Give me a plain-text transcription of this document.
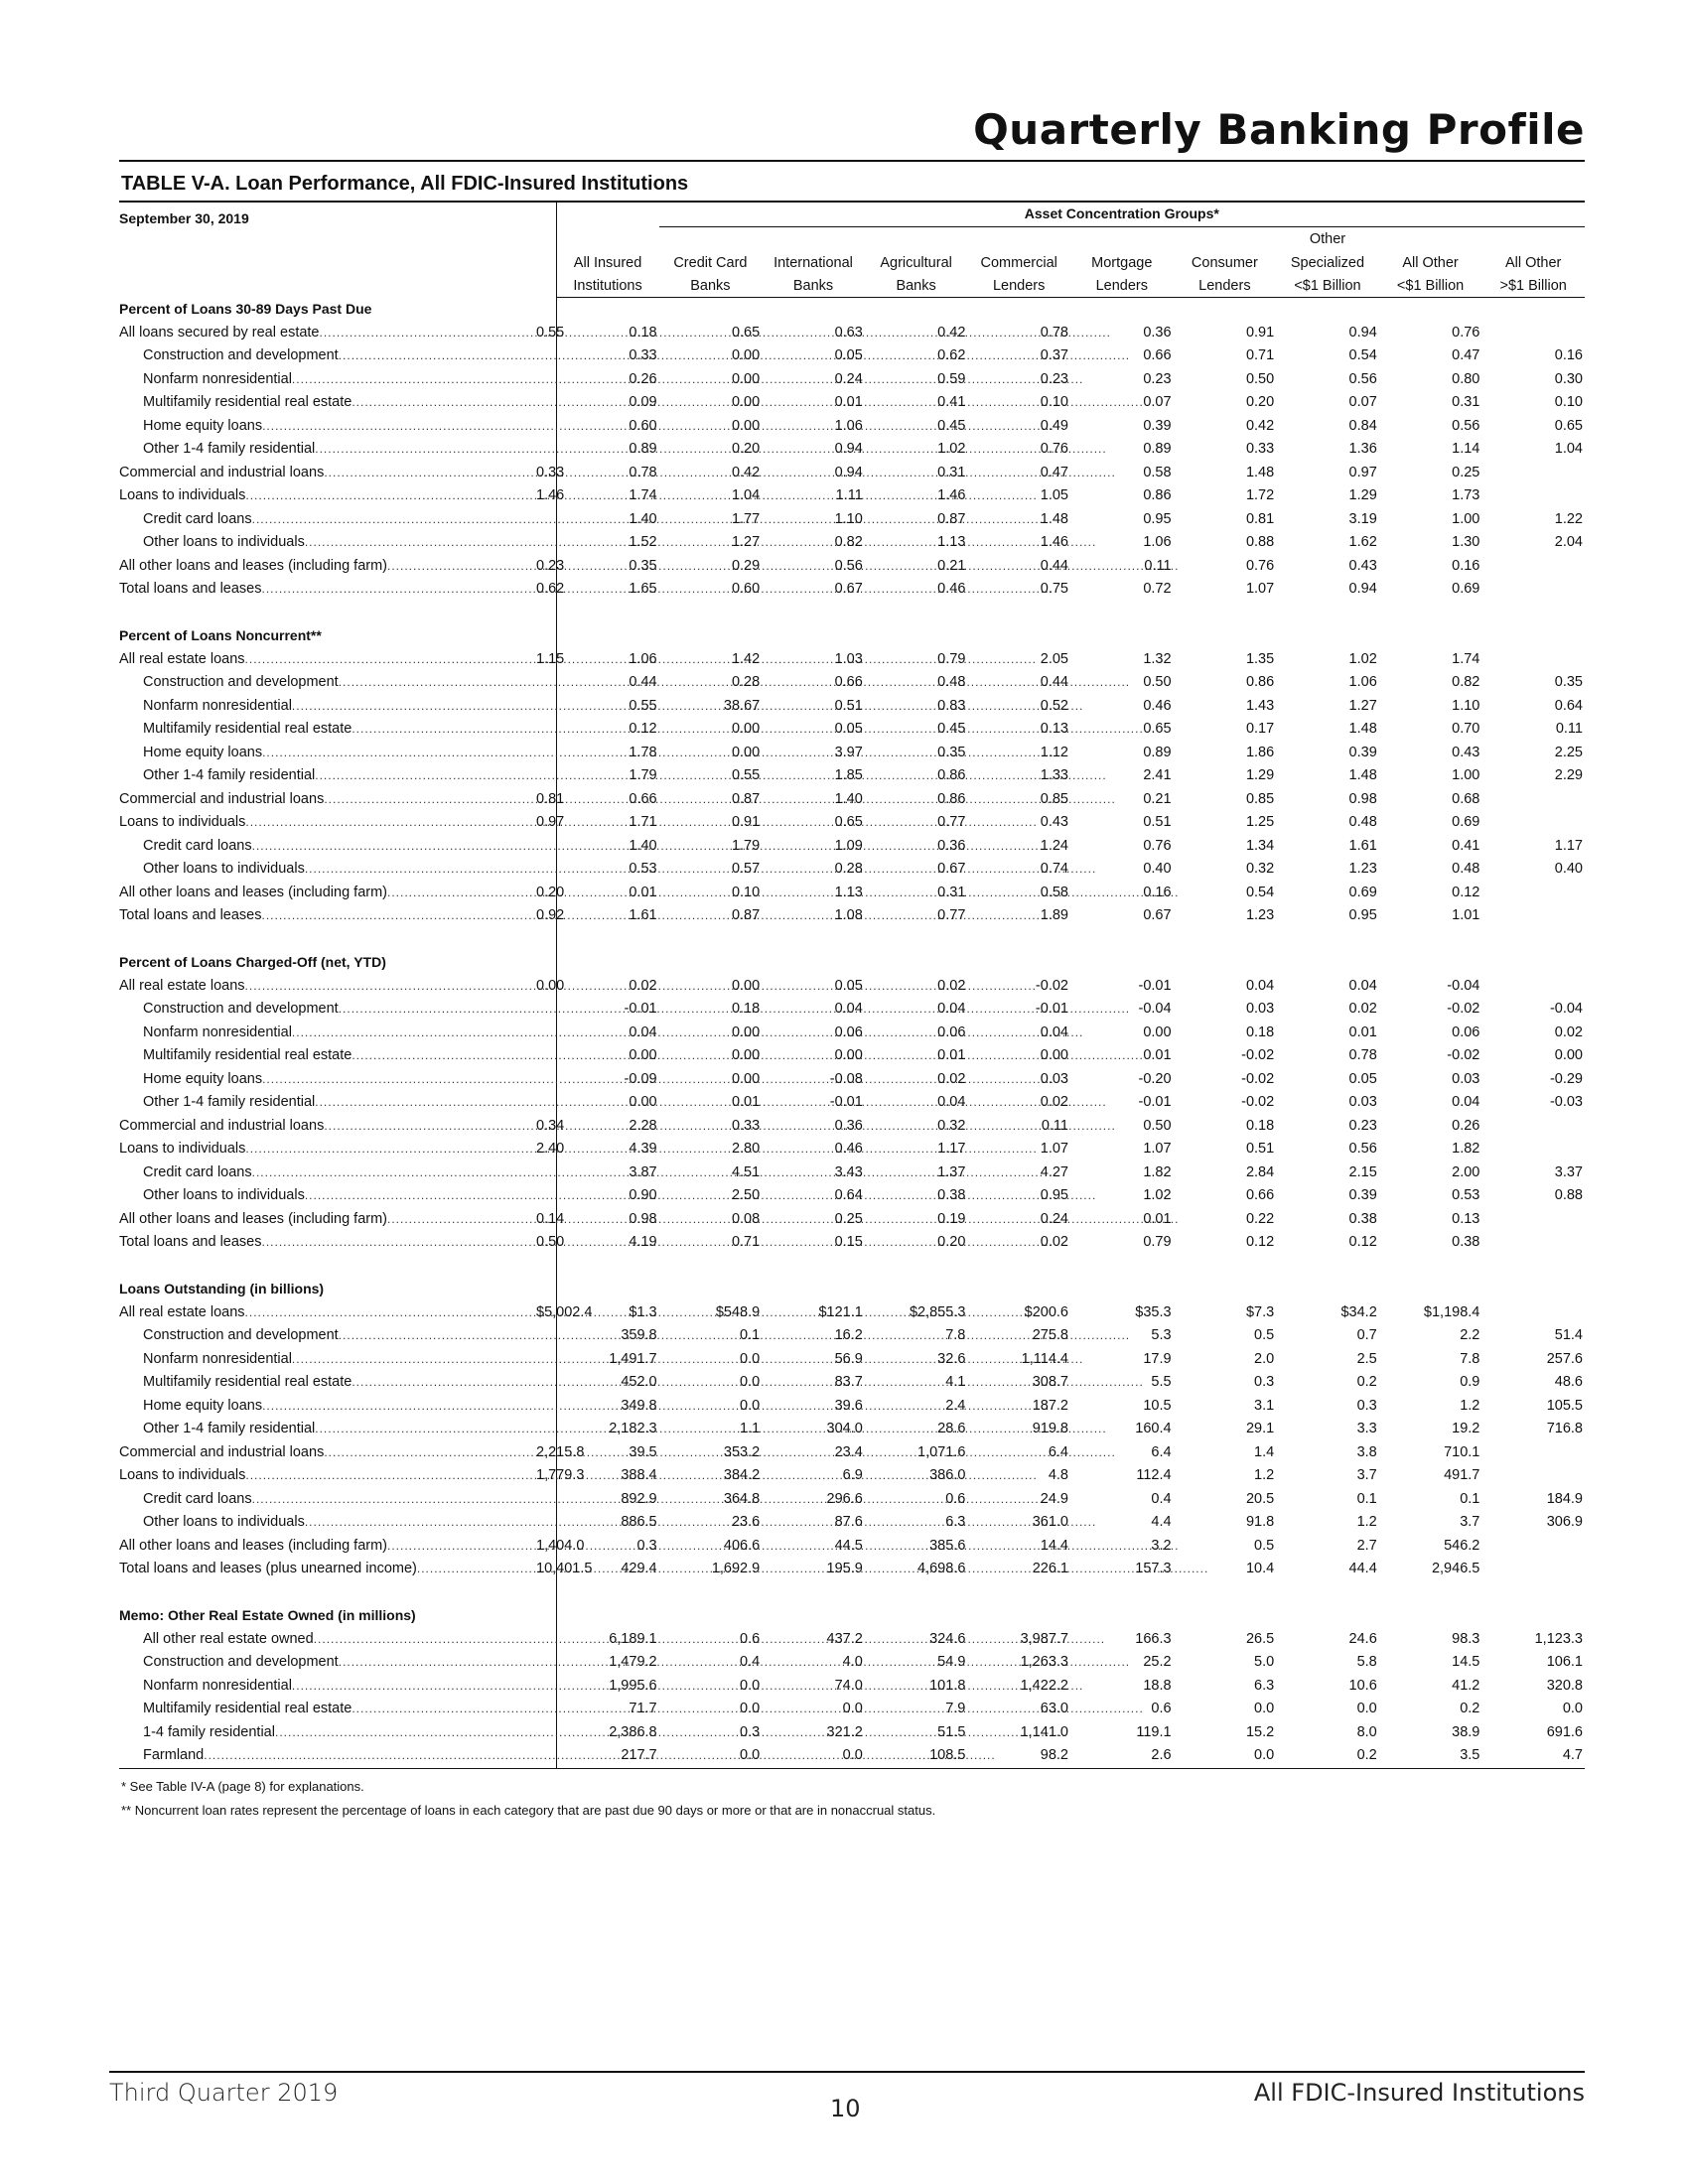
Quarterly Banking Profile
TABLE V-A. Loan Performance, All FDIC-Insured Institutions
September 30, 2019			Asset Concentration Groups*								
									Other		
		All Insured	Credit Card	International	Agricultural	Commercial	Mortgage	Consumer	Specialized	All Other	All Other
		Institutions	Banks	Banks	Banks	Lenders	Lenders	Lenders	<$1 Billion	<$1 Billion	>$1 Billion
Percent of Loans 30-89 Days Past Due											

All loans secured by real estate
.....	0.55	0.18	0.65	0.63	0.42	0.78	0.36	0.91	0.94	0.76	

Construction and development
.....		0.33	0.00	0.05	0.62	0.37	0.66	0.71	0.54	0.47	0.16

Nonfarm nonresidential
.....		0.26	0.00	0.24	0.59	0.23	0.23	0.50	0.56	0.80	0.30

Multifamily residential real estate
.....		0.09	0.00	0.01	0.41	0.10	0.07	0.20	0.07	0.31	0.10

Home equity loans
.....		0.60	0.00	1.06	0.45	0.49	0.39	0.42	0.84	0.56	0.65

Other 1-4 family residential
.....		0.89	0.20	0.94	1.02	0.76	0.89	0.33	1.36	1.14	1.04

Commercial and industrial loans
.....	0.33	0.78	0.42	0.94	0.31	0.47	0.58	1.48	0.97	0.25	

Loans to individuals
.....	1.46	1.74	1.04	1.11	1.46	1.05	0.86	1.72	1.29	1.73	

Credit card loans
.....		1.40	1.77	1.10	0.87	1.48	0.95	0.81	3.19	1.00	1.22

Other loans to individuals
.....		1.52	1.27	0.82	1.13	1.46	1.06	0.88	1.62	1.30	2.04

All other loans and leases (including farm)
.....	0.23	0.35	0.29	0.56	0.21	0.44	0.11	0.76	0.43	0.16	

Total loans and leases
.....	0.62	1.65	0.60	0.67	0.46	0.75	0.72	1.07	0.94	0.69	

Percent of Loans Noncurrent**											

All real estate loans
.....	1.15	1.06	1.42	1.03	0.79	2.05	1.32	1.35	1.02	1.74	

Construction and development
.....		0.44	0.28	0.66	0.48	0.44	0.50	0.86	1.06	0.82	0.35

Nonfarm nonresidential
.....		0.55	38.67	0.51	0.83	0.52	0.46	1.43	1.27	1.10	0.64

Multifamily residential real estate
.....		0.12	0.00	0.05	0.45	0.13	0.65	0.17	1.48	0.70	0.11

Home equity loans
.....		1.78	0.00	3.97	0.35	1.12	0.89	1.86	0.39	0.43	2.25

Other 1-4 family residential
.....		1.79	0.55	1.85	0.86	1.33	2.41	1.29	1.48	1.00	2.29

Commercial and industrial loans
.....	0.81	0.66	0.87	1.40	0.86	0.85	0.21	0.85	0.98	0.68	

Loans to individuals
.....	0.97	1.71	0.91	0.65	0.77	0.43	0.51	1.25	0.48	0.69	

Credit card loans
.....		1.40	1.79	1.09	0.36	1.24	0.76	1.34	1.61	0.41	1.17

Other loans to individuals
.....		0.53	0.57	0.28	0.67	0.74	0.40	0.32	1.23	0.48	0.40

All other loans and leases (including farm)
.....	0.20	0.01	0.10	1.13	0.31	0.58	0.16	0.54	0.69	0.12	

Total loans and leases
.....	0.92	1.61	0.87	1.08	0.77	1.89	0.67	1.23	0.95	1.01	

Percent of Loans Charged-Off (net, YTD)											

All real estate loans
.....	0.00	0.02	0.00	0.05	0.02	-0.02	-0.01	0.04	0.04	-0.04	

Construction and development
.....		-0.01	0.18	0.04	0.04	-0.01	-0.04	0.03	0.02	-0.02	-0.04

Nonfarm nonresidential
.....		0.04	0.00	0.06	0.06	0.04	0.00	0.18	0.01	0.06	0.02

Multifamily residential real estate
.....		0.00	0.00	0.00	0.01	0.00	0.01	-0.02	0.78	-0.02	0.00

Home equity loans
.....		-0.09	0.00	-0.08	0.02	0.03	-0.20	-0.02	0.05	0.03	-0.29

Other 1-4 family residential
.....		0.00	0.01	-0.01	0.04	0.02	-0.01	-0.02	0.03	0.04	-0.03

Commercial and industrial loans
.....	0.34	2.28	0.33	0.36	0.32	0.11	0.50	0.18	0.23	0.26	

Loans to individuals
.....	2.40	4.39	2.80	0.46	1.17	1.07	1.07	0.51	0.56	1.82	

Credit card loans
.....		3.87	4.51	3.43	1.37	4.27	1.82	2.84	2.15	2.00	3.37

Other loans to individuals
.....		0.90	2.50	0.64	0.38	0.95	1.02	0.66	0.39	0.53	0.88

All other loans and leases (including farm)
.....	0.14	0.98	0.08	0.25	0.19	0.24	0.01	0.22	0.38	0.13	

Total loans and leases
.....	0.50	4.19	0.71	0.15	0.20	0.02	0.79	0.12	0.12	0.38	

Loans Outstanding (in billions)											

All real estate loans
.....	$5,002.4	$1.3	$548.9	$121.1	$2,855.3	$200.6	$35.3	$7.3	$34.2	$1,198.4	

Construction and development
.....		359.8	0.1	16.2	7.8	275.8	5.3	0.5	0.7	2.2	51.4

Nonfarm nonresidential
.....		1,491.7	0.0	56.9	32.6	1,114.4	17.9	2.0	2.5	7.8	257.6

Multifamily residential real estate
.....		452.0	0.0	83.7	4.1	308.7	5.5	0.3	0.2	0.9	48.6

Home equity loans
.....		349.8	0.0	39.6	2.4	187.2	10.5	3.1	0.3	1.2	105.5

Other 1-4 family residential
.....		2,182.3	1.1	304.0	28.6	919.8	160.4	29.1	3.3	19.2	716.8

Commercial and industrial loans
.....	2,215.8	39.5	353.2	23.4	1,071.6	6.4	6.4	1.4	3.8	710.1	

Loans to individuals
.....	1,779.3	388.4	384.2	6.9	386.0	4.8	112.4	1.2	3.7	491.7	

Credit card loans
.....		892.9	364.8	296.6	0.6	24.9	0.4	20.5	0.1	0.1	184.9

Other loans to individuals
.....		886.5	23.6	87.6	6.3	361.0	4.4	91.8	1.2	3.7	306.9

All other loans and leases (including farm)
.....	1,404.0	0.3	406.6	44.5	385.6	14.4	3.2	0.5	2.7	546.2	

Total loans and leases (plus unearned income)
.....	10,401.5	429.4	1,692.9	195.9	4,698.6	226.1	157.3	10.4	44.4	2,946.5	

Memo: Other Real Estate Owned (in millions)											

All other real estate owned
.....		6,189.1	0.6	437.2	324.6	3,987.7	166.3	26.5	24.6	98.3	1,123.3

Construction and development
.....		1,479.2	0.4	4.0	54.9	1,263.3	25.2	5.0	5.8	14.5	106.1

Nonfarm nonresidential
.....		1,995.6	0.0	74.0	101.8	1,422.2	18.8	6.3	10.6	41.2	320.8

Multifamily residential real estate
.....		71.7	0.0	0.0	7.9	63.0	0.6	0.0	0.0	0.2	0.0

1-4 family residential
.....		2,386.8	0.3	321.2	51.5	1,141.0	119.1	15.2	8.0	38.9	691.6

Farmland
.....		217.7	0.0	0.0	108.5	98.2	2.6	0.0	0.2	3.5	4.7
* See Table IV-A (page 8) for explanations.
** Noncurrent loan rates represent the percentage of loans in each category that are past due 90 days or more or that are in nonaccrual status.
Third Quarter 2019
10
All FDIC-Insured Institutions
